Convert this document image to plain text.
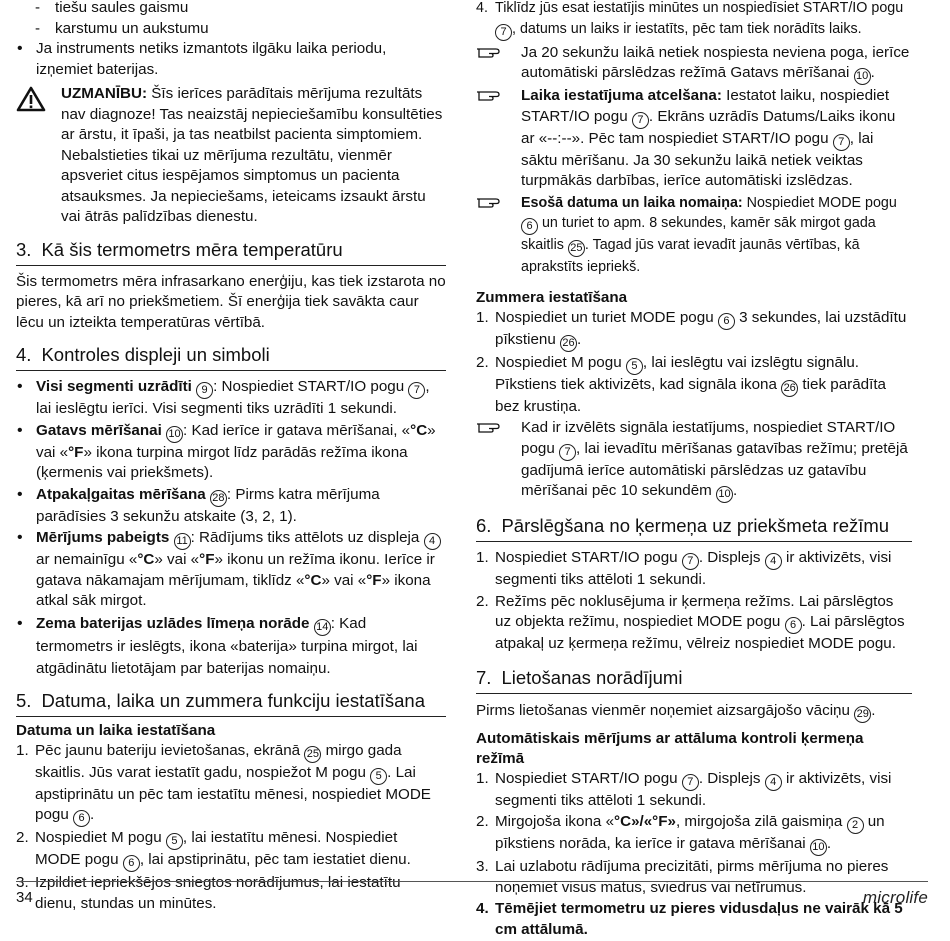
- tiešu saules gaismu

- karstumu un aukstumu

• Ja instruments netiks izmantots ilgāku laika periodu, izņemiet baterijas.

UZMANĪBU: Šīs ierīces parādītais mērījuma rezultāts nav diagnoze! Tas neaizstāj nepieciešamību konsultēties ar ārstu, it īpaši, ja tas neatbilst pacienta simptomiem. Nebalstieties tikai uz mērījuma rezultātu, vienmēr apsveriet citus iespējamos simptomus un pacienta atsauksmes. Ja nepieciešams, ieteicams izsaukt ārstu vai ātrās palīdzības dienestu.

3. Kā šis termometrs mēra temperatūru

Šis termometrs mēra infrasarkano enerģiju, kas tiek izstarota no pieres, kā arī no priekšmetiem. Šī enerģija tiek savākta caur lēcu un izteikta temperatūras vērtībā.

4. Kontroles displeji un simboli

• Visi segmenti uzrādīti 9 : Nospiediet START/IO pogu 7 , lai ieslēgtu ierīci. Visi segmenti tiks uzrādīti 1 sekundi.

• Gatavs mērīšanai 10 : Kad ierīce ir gatava mērīšanai, «°C» vai «°F» ikona turpina mirgot līdz parādās režīma ikona (ķermenis vai priekšmets).

• Atpakaļgaitas mērīšana 28 : Pirms katra mērījuma parādīsies 3 sekunžu atskaite (3, 2, 1).

• Mērījums pabeigts 11 : Rādījums tiks attēlots uz displeja 4 ar nemainīgu «°C» vai «°F» ikonu un režīma ikonu. Ierīce ir gatava nākamajam mērījumam, tiklīdz «°C» vai «°F» ikona atkal sāk mirgot.

• Zema baterijas uzlādes līmeņa norāde 14 : Kad termometrs ir ieslēgts, ikona «baterija» turpina mirgot, lai atgādinātu lietotājam par baterijas nomaiņu.

5. Datuma, laika un zummera funkciju iestatīšana
Datuma un laika iestatīšana

1. Pēc jaunu bateriju ievietošanas, ekrānā 25 mirgo gada skaitlis. Jūs varat iestatīt gadu, nospiežot M pogu 5 . Lai apstiprinātu un pēc tam iestatītu mēnesi, nospiediet MODE pogu 6 .

2. Nospiediet M pogu 5 , lai iestatītu mēnesi. Nospiediet MODE pogu 6 , lai apstiprinātu, pēc tam iestatiet dienu.

3. Izpildiet iepriekšējos sniegtos norādījumus, lai iestatītu dienu, stundas un minūtes.

4. Tiklīdz jūs esat iestatījis minūtes un nospiedīsiet START/IO pogu 7 , datums un laiks ir iestatīts, pēc tam tiek norādīts laiks.

Ja 20 sekunžu laikā netiek nospiesta neviena poga, ierīce automātiski pārslēdzas režīmā Gatavs mērīšanai 10 .

Laika iestatījuma atcelšana: Iestatot laiku, nospiediet START/IO pogu 7 . Ekrāns uzrādīs Datums/Laiks ikonu ar «--:--». Pēc tam nospiediet START/IO pogu 7 , lai sāktu mērīšanu. Ja 30 sekunžu laikā netiek veiktas turpmākās darbības, ierīce automātiski izslēdzas.

Esošā datuma un laika nomaiņa: Nospiediet MODE pogu 6 un turiet to apm. 8 sekundes, kamēr sāk mirgot gada skaitlis 25 . Tagad jūs varat ievadīt jaunās vērtības, kā aprakstīts iepriekš.

Zummera iestatīšana

1. Nospiediet un turiet MODE pogu 6 3 sekundes, lai uzstādītu pīkstienu 26 .

2. Nospiediet M pogu 5 , lai ieslēgtu vai izslēgtu signālu. Pīkstiens tiek aktivizēts, kad signāla ikona 26 tiek parādīta bez krustiņa.

Kad ir izvēlēts signāla iestatījums, nospiediet START/IO pogu 7 , lai ievadītu mērīšanas gatavības režīmu; pretējā gadījumā ierīce automātiski pārslēdzas uz gatavību mērīšanai pēc 10 sekundēm 10 .

6. Pārslēgšana no ķermeņa uz priekšmeta režīmu

1. Nospiediet START/IO pogu 7 . Displejs 4 ir aktivizēts, visi segmenti tiks attēloti 1 sekundi.

2. Režīms pēc noklusējuma ir ķermeņa režīms. Lai pārslēgtos uz objekta režīmu, nospiediet MODE pogu 6 . Lai pārslēgtos atpakaļ uz ķermeņa režīmu, vēlreiz nospiediet MODE pogu.

7. Lietošanas norādījumi

Pirms lietošanas vienmēr noņemiet aizsargājošo vāciņu 29 .

Automātiskais mērījums ar attāluma kontroli ķermeņa režīmā

1. Nospiediet START/IO pogu 7 . Displejs 4 ir aktivizēts, visi segmenti tiks attēloti 1 sekundi.

2. Mirgojoša ikona «°C»/«°F», mirgojoša zilā gaismiņa 2 un pīkstiens norāda, ka ierīce ir gatava mērīšanai 10 .

3. Lai uzlabotu rādījuma precizitāti, pirms mērījuma no pieres noņemiet visus matus, sviedrus vai netīrumus.

4. Tēmējiet termometru uz pieres vidusdaļus ne vairāk kā 5 cm attālumā.

34	microlife
